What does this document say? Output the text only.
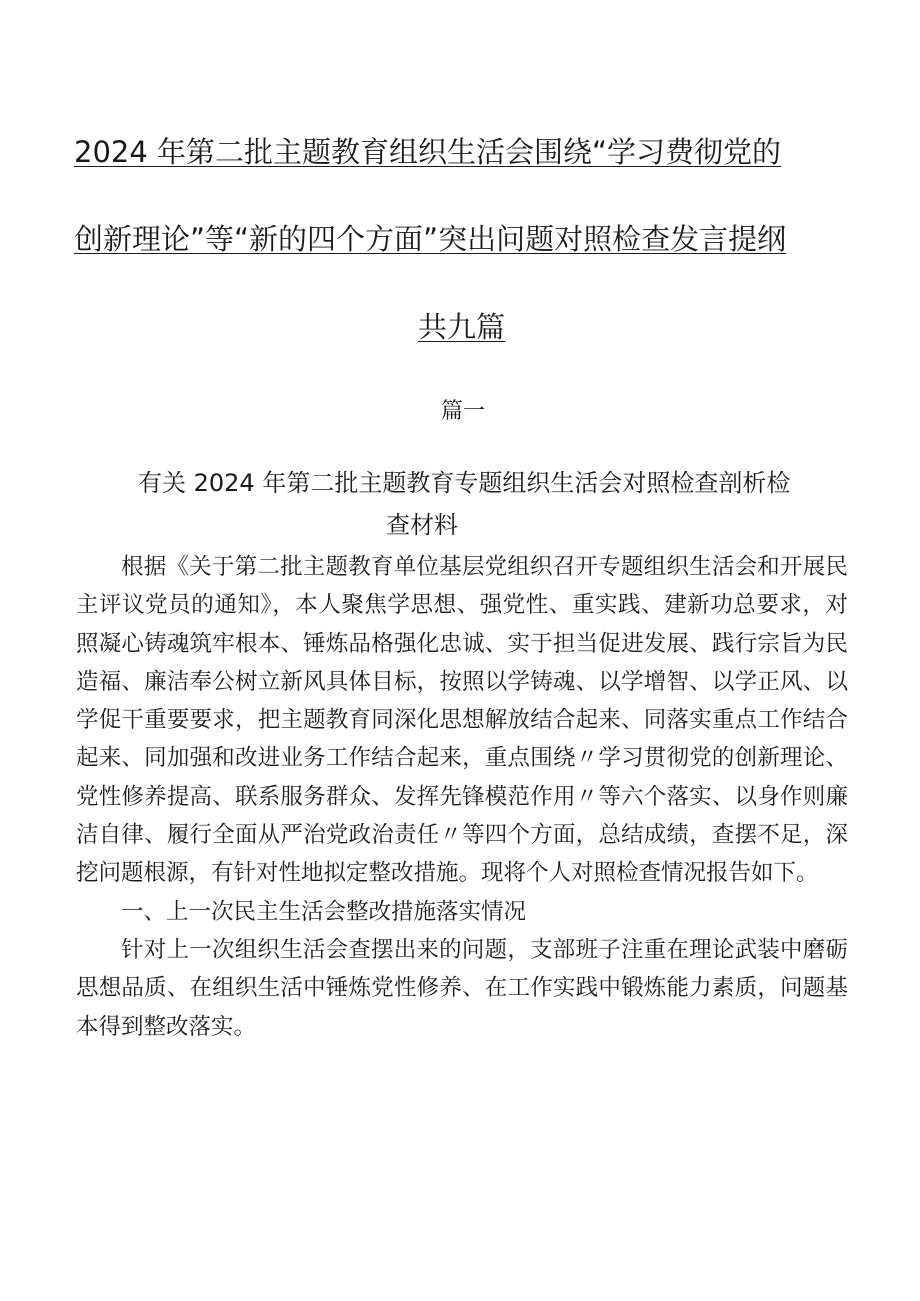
2024 年第二批主题教育组织生活会围绕“学习费彻党的
创新理论”等“新的四个方面”突出问题对照检查发言提纲
共九篇
篇一
有关 2024 年第二批主题教育专题组织生活会对照检查剖析检
查材料

根据《关于第二批主题教育单位基层党组织召开专题组织生活会和开展民主评议党员的通知》，本人聚焦学思想、强党性、重实践、建新功总要求，对照凝心铸魂筑牢根本、锤炼品格强化忠诚、实于担当促进发展、践行宗旨为民造福、廉洁奉公树立新风具体目标，按照以学铸魂、以学增智、以学正风、以学促干重要要求，把主题教育同深化思想解放结合起来、同落实重点工作结合起来、同加强和改进业务工作结合起来，重点围绕〃学习贯彻党的创新理论、党性修养提高、联系服务群众、发挥先锋模范作用〃等六个落实、以身作则廉洁自律、履行全面从严治党政治责任〃等四个方面，总结成绩，查摆不足，深挖问题根源，有针对性地拟定整改措施。现将个人对照检查情况报告如下。

一、上一次民主生活会整改措施落实情况

针对上一次组织生活会查摆出来的问题，支部班子注重在理论武装中磨砺思想品质、在组织生活中锤炼党性修养、在工作实践中锻炼能力素质，问题基本得到整改落实。
